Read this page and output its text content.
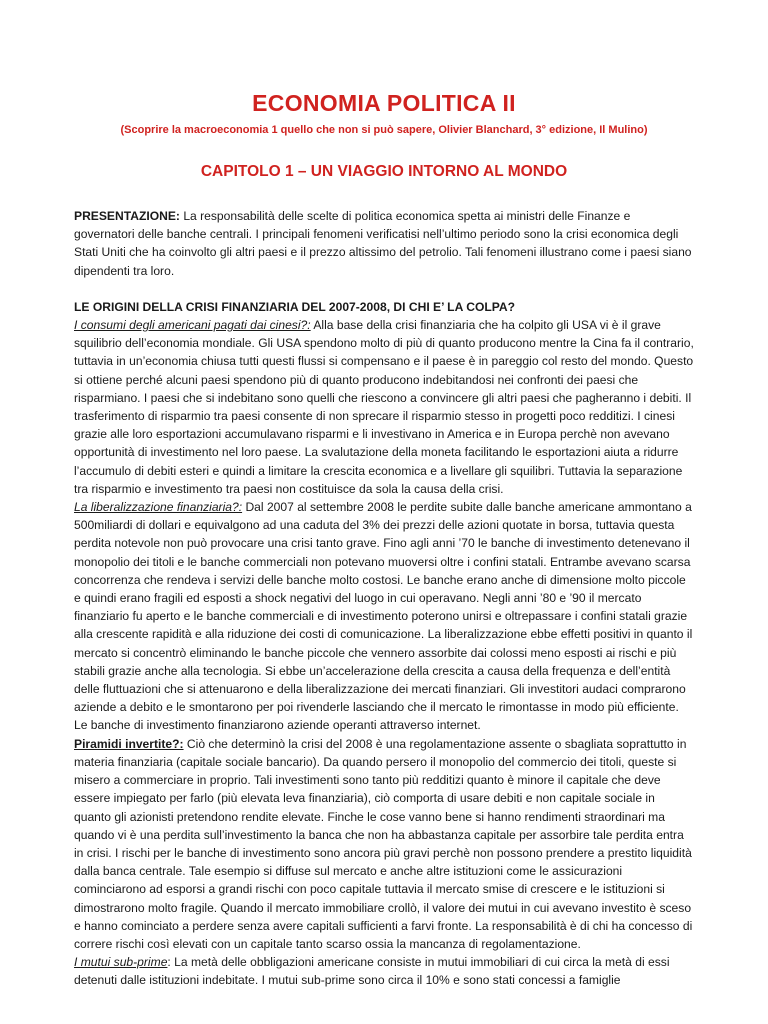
ECONOMIA POLITICA II
(Scoprire la macroeconomia 1 quello che non si può sapere, Olivier Blanchard, 3° edizione, Il Mulino)
CAPITOLO 1 – UN VIAGGIO INTORNO AL MONDO

PRESENTAZIONE: La responsabilità delle scelte di politica economica spetta ai ministri delle Finanze e governatori delle banche centrali. I principali fenomeni verificatisi nell’ultimo periodo sono la crisi economica degli Stati Uniti che ha coinvolto gli altri paesi e il prezzo altissimo del petrolio. Tali fenomeni illustrano come i paesi siano dipendenti tra loro.

LE ORIGINI DELLA CRISI FINANZIARIA DEL 2007-2008, DI CHI E’ LA COLPA?

I consumi degli americani pagati dai cinesi?: Alla base della crisi finanziaria che ha colpito gli USA vi è il grave squilibrio dell’economia mondiale. Gli USA spendono molto di più di quanto producono mentre la Cina fa il contrario, tuttavia in un’economia chiusa tutti questi flussi si compensano e il paese è in pareggio col resto del mondo. Questo si ottiene perché alcuni paesi spendono più di quanto producono indebitandosi nei confronti dei paesi che risparmiano. I paesi che si indebitano sono quelli che riescono a convincere gli altri paesi che pagheranno i debiti. Il trasferimento di risparmio tra paesi consente di non sprecare il risparmio stesso in progetti poco redditizi. I cinesi grazie alle loro esportazioni accumulavano risparmi e li investivano in America e in Europa perchè non avevano opportunità di investimento nel loro paese. La svalutazione della moneta facilitando le esportazioni aiuta a ridurre l’accumulo di debiti esteri e quindi a limitare la crescita economica e a livellare gli squilibri. Tuttavia la separazione tra risparmio e investimento tra paesi non costituisce da sola la causa della crisi.

La liberalizzazione finanziaria?: Dal 2007 al settembre 2008 le perdite subite dalle banche americane ammontano a 500miliardi di dollari e equivalgono ad una caduta del 3% dei prezzi delle azioni quotate in borsa, tuttavia questa perdita notevole non può provocare una crisi tanto grave. Fino agli anni ’70 le banche di investimento detenevano il monopolio dei titoli e le banche commerciali non potevano muoversi oltre i confini statali. Entrambe avevano scarsa concorrenza che rendeva i servizi delle banche molto costosi. Le banche erano anche di dimensione molto piccole e quindi erano fragili ed esposti a shock negativi del luogo in cui operavano. Negli anni ’80 e ’90 il mercato finanziario fu aperto e le banche commerciali e di investimento poterono unirsi e oltrepassare i confini statali grazie alla crescente rapidità e alla riduzione dei costi di comunicazione. La liberalizzazione ebbe effetti positivi in quanto il mercato si concentrò eliminando le banche piccole che vennero assorbite dai colossi meno esposti ai rischi e più stabili grazie anche alla tecnologia. Si ebbe un’accelerazione della crescita a causa della frequenza e dell’entità delle fluttuazioni che si attenuarono e della liberalizzazione dei mercati finanziari. Gli investitori audaci comprarono aziende a debito e le smontarono per poi rivenderle lasciando che il mercato le rimontasse in modo più efficiente. Le banche di investimento finanziarono aziende operanti attraverso internet.

Piramidi invertite?: Ciò che determinò la crisi del 2008 è una regolamentazione assente o sbagliata soprattutto in materia finanziaria (capitale sociale bancario). Da quando persero il monopolio del commercio dei titoli, queste si misero a commerciare in proprio. Tali investimenti sono tanto più redditizi quanto è minore il capitale che deve essere impiegato per farlo (più elevata leva finanziaria), ciò comporta di usare debiti e non capitale sociale in quanto gli azionisti pretendono rendite elevate. Finche le cose vanno bene si hanno rendimenti straordinari ma quando vi è una perdita sull’investimento la banca che non ha abbastanza capitale per assorbire tale perdita entra in crisi. I rischi per le banche di investimento sono ancora più gravi perchè non possono prendere a prestito liquidità dalla banca centrale. Tale esempio si diffuse sul mercato e anche altre istituzioni come le assicurazioni cominciarono ad esporsi a grandi rischi con poco capitale tuttavia il mercato smise di crescere e le istituzioni si dimostrarono molto fragile. Quando il mercato immobiliare crollò, il valore dei mutui in cui avevano investito è sceso e hanno cominciato a perdere senza avere capitali sufficienti a farvi fronte. La responsabilità è di chi ha concesso di correre rischi così elevati con un capitale tanto scarso ossia la mancanza di regolamentazione.

I mutui sub-prime: La metà delle obbligazioni americane consiste in mutui immobiliari di cui circa la metà di essi detenuti dalle istituzioni indebitate. I mutui sub-prime sono circa il 10% e sono stati concessi a famiglie
